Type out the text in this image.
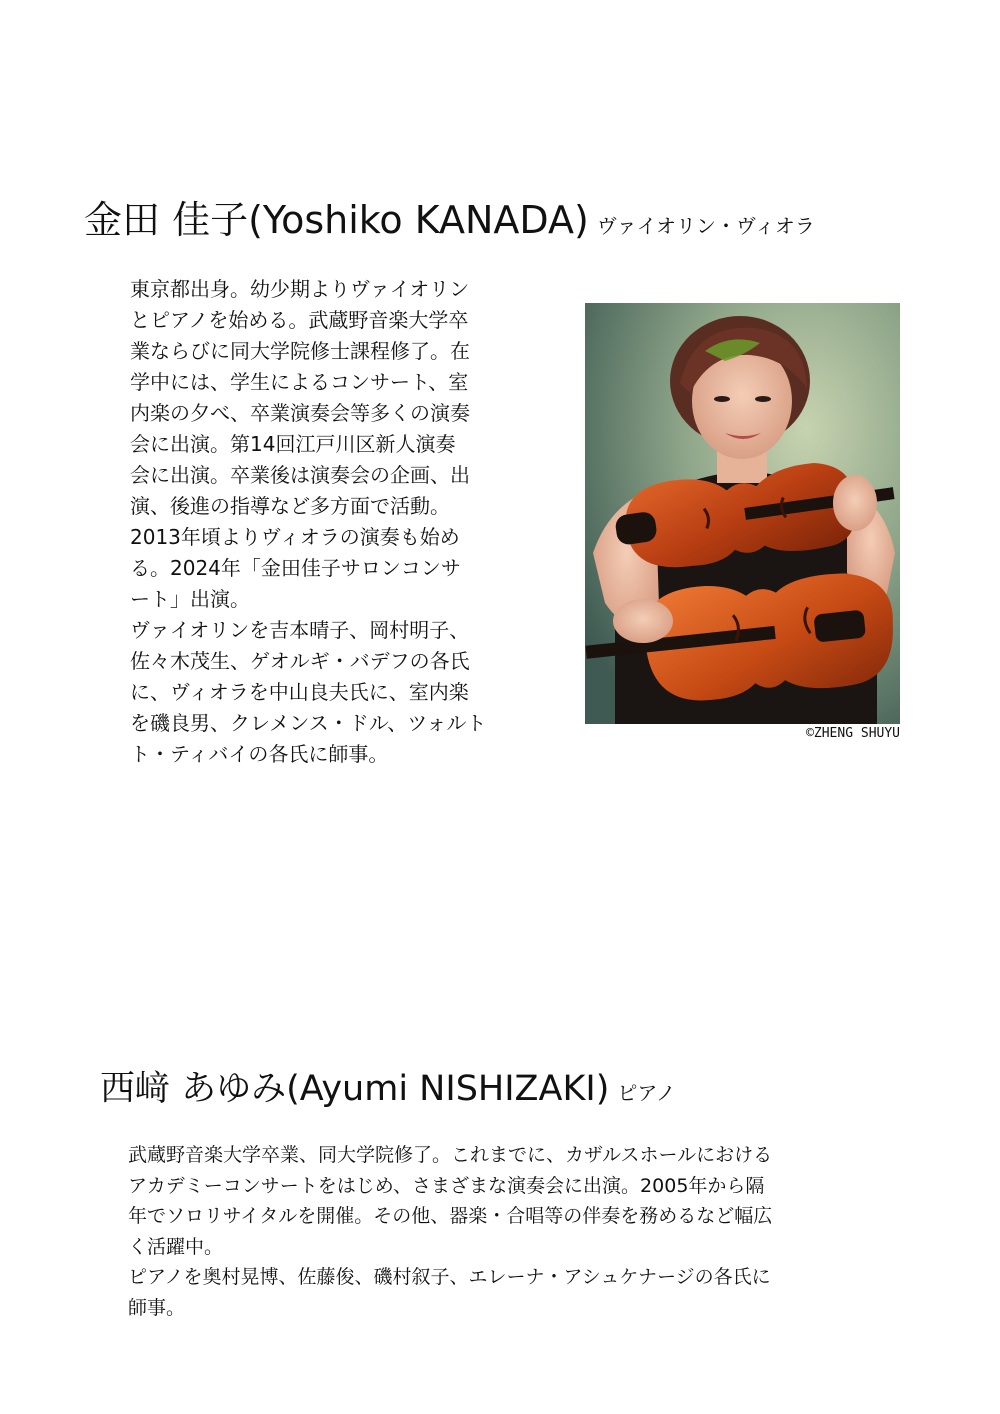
金田 佳子(Yoshiko KANADA) ヴァイオリン・ヴィオラ

東京都出身。幼少期よりヴァイオリン

とピアノを始める。武蔵野音楽大学卒

業ならびに同大学院修士課程修了。在

学中には、学生によるコンサート、室

内楽の夕べ、卒業演奏会等多くの演奏

会に出演。第14回江戸川区新人演奏

会に出演。卒業後は演奏会の企画、出

演、後進の指導など多方面で活動。

2013年頃よりヴィオラの演奏も始め

る。2024年「金田佳子サロンコンサ

ート」出演。

ヴァイオリンを吉本晴子、岡村明子、

佐々木茂生、ゲオルギ・バデフの各氏

に、ヴィオラを中山良夫氏に、室内楽

を磯良男、クレメンス・ドル、ツォルト

ト・ティバイの各氏に師事。

©ZHENG SHUYU
西﨑 あゆみ(Ayumi NISHIZAKI) ピアノ

武蔵野音楽大学卒業、同大学院修了。これまでに、カザルスホールにおける

アカデミーコンサートをはじめ、さまざまな演奏会に出演。2005年から隔

年でソロリサイタルを開催。その他、器楽・合唱等の伴奏を務めるなど幅広

く活躍中。

ピアノを奥村晃博、佐藤俊、磯村叙子、エレーナ・アシュケナージの各氏に

師事。
